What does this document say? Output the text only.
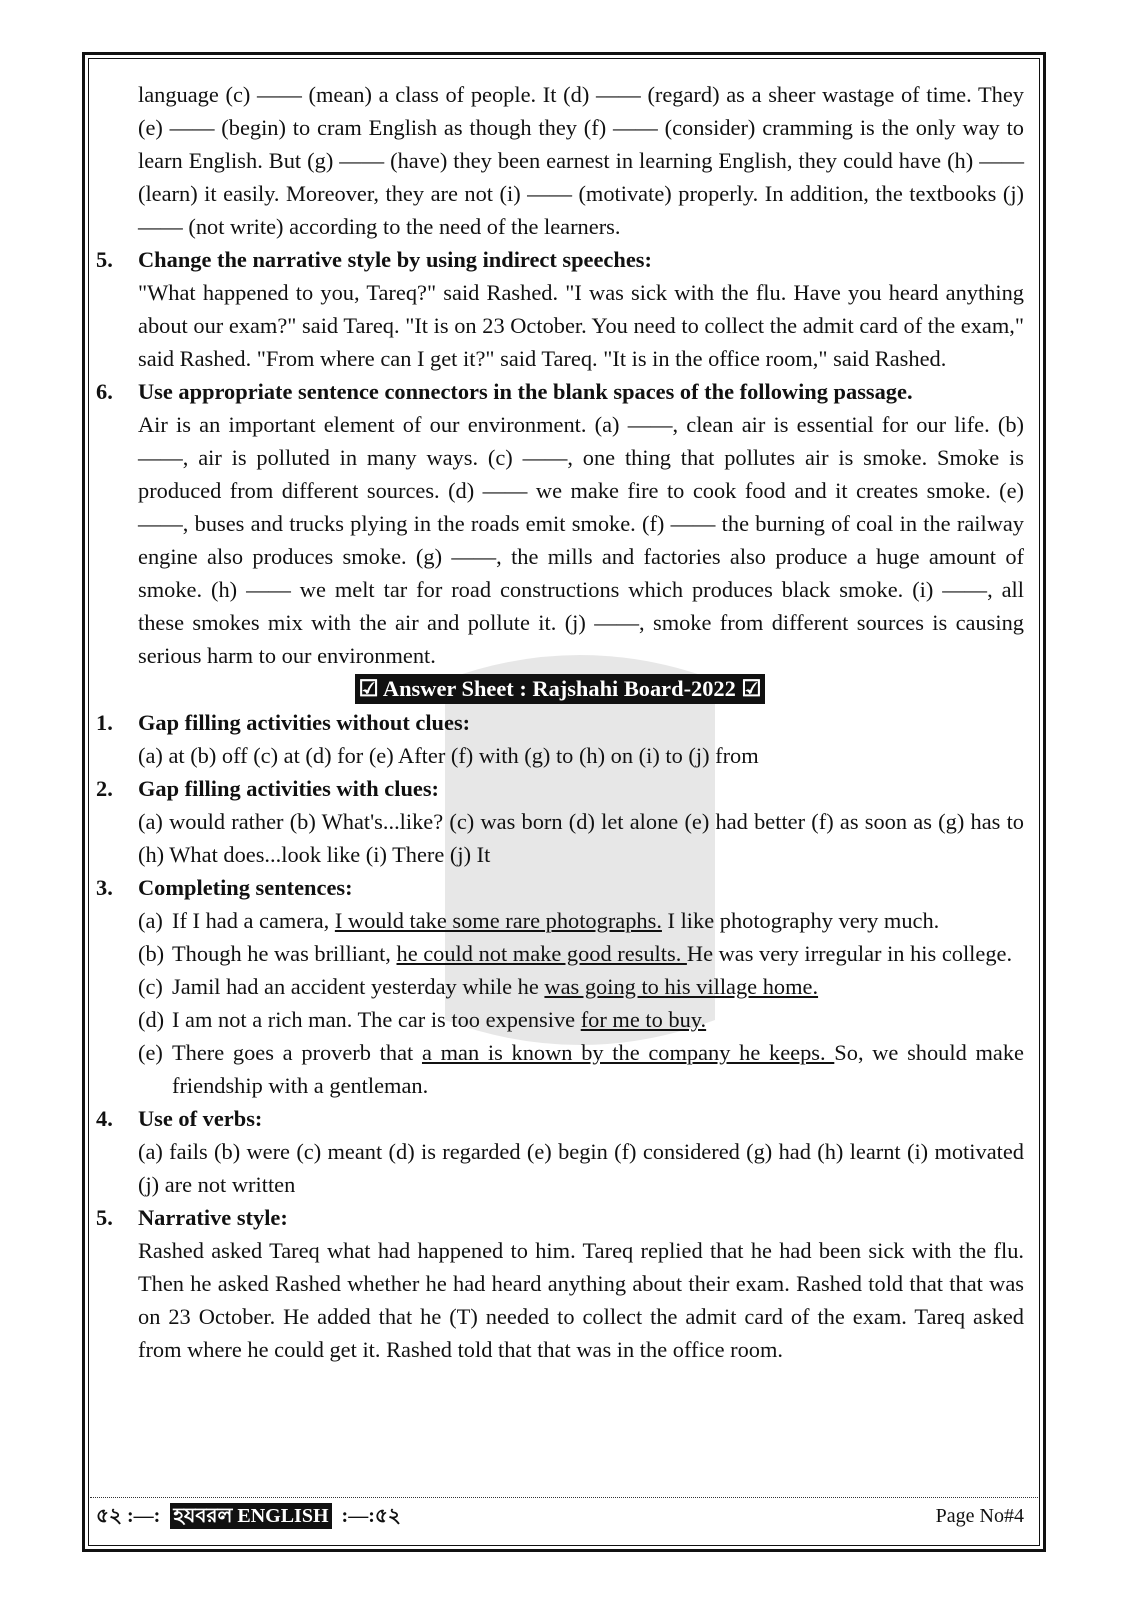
language (c) —— (mean) a class of people. It (d) —— (regard) as a sheer wastage of time. They (e) —— (begin) to cram English as though they (f) —— (consider) cramming is the only way to learn English. But (g) —— (have) they been earnest in learning English, they could have (h) —— (learn) it easily. Moreover, they are not (i) —— (motivate) properly. In addition, the textbooks (j) —— (not write) according to the need of the learners.
5. Change the narrative style by using indirect speeches:
"What happened to you, Tareq?" said Rashed. "I was sick with the flu. Have you heard anything about our exam?" said Tareq. "It is on 23 October. You need to collect the admit card of the exam," said Rashed. "From where can I get it?" said Tareq. "It is in the office room," said Rashed.
6. Use appropriate sentence connectors in the blank spaces of the following passage.
Air is an important element of our environment. (a) ——, clean air is essential for our life. (b) ——, air is polluted in many ways. (c) ——, one thing that pollutes air is smoke. Smoke is produced from different sources. (d) —— we make fire to cook food and it creates smoke. (e) ——, buses and trucks plying in the roads emit smoke. (f) —— the burning of coal in the railway engine also produces smoke. (g) ——, the mills and factories also produce a huge amount of smoke. (h) —— we melt tar for road constructions which produces black smoke. (i) ——, all these smokes mix with the air and pollute it. (j) ——, smoke from different sources is causing serious harm to our environment.
☑ Answer Sheet : Rajshahi Board-2022 ☑
1. Gap filling activities without clues:
(a) at (b) off (c) at (d) for (e) After (f) with (g) to (h) on (i) to (j) from
2. Gap filling activities with clues:
(a) would rather (b) What's...like? (c) was born (d) let alone (e) had better (f) as soon as (g) has to (h) What does...look like (i) There (j) It
3. Completing sentences:
(a) If I had a camera, I would take some rare photographs. I like photography very much.
(b) Though he was brilliant, he could not make good results. He was very irregular in his college.
(c) Jamil had an accident yesterday while he was going to his village home.
(d) I am not a rich man. The car is too expensive for me to buy.
(e) There goes a proverb that a man is known by the company he keeps. So, we should make friendship with a gentleman.
4. Use of verbs:
(a) fails (b) were (c) meant (d) is regarded (e) begin (f) considered (g) had (h) learnt (i) motivated (j) are not written
5. Narrative style:
Rashed asked Tareq what had happened to him. Tareq replied that he had been sick with the flu. Then he asked Rashed whether he had heard anything about their exam. Rashed told that that was on 23 October. He added that he (T) needed to collect the admit card of the exam. Tareq asked from where he could get it. Rashed told that that was in the office room.
৫২ :—: হযবরল ENGLISH :—:৫২	Page No#4
